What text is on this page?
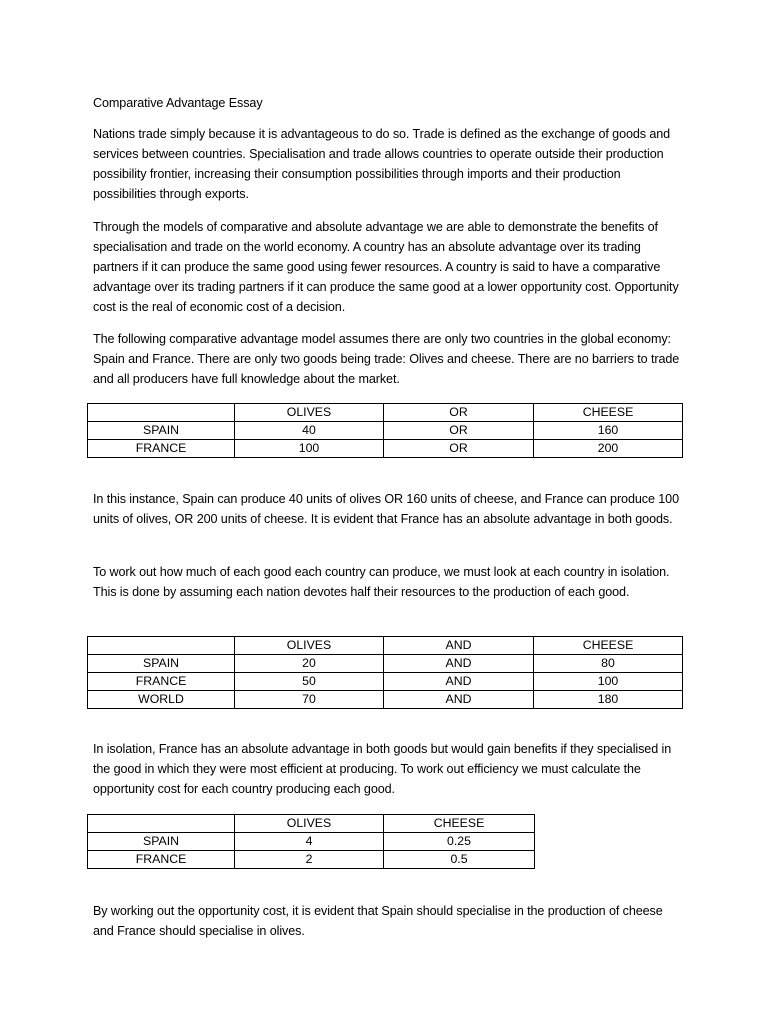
Comparative Advantage Essay

Nations trade simply because it is advantageous to do so. Trade is defined as the exchange of goods and services between countries. Specialisation and trade allows countries to operate outside their production possibility frontier, increasing their consumption possibilities through imports and their production possibilities through exports.

Through the models of comparative and absolute advantage we are able to demonstrate the benefits of specialisation and trade on the world economy. A country has an absolute advantage over its trading partners if it can produce the same good using fewer resources. A country is said to have a comparative advantage over its trading partners if it can produce the same good at a lower opportunity cost. Opportunity cost is the real of economic cost of a decision.

The following comparative advantage model assumes there are only two countries in the global economy: Spain and France. There are only two goods being trade: Olives and cheese. There are no barriers to trade and all producers have full knowledge about the market.

	OLIVES	OR	CHEESE
SPAIN	40	OR	160
FRANCE	100	OR	200

In this instance, Spain can produce 40 units of olives OR 160 units of cheese, and France can produce 100 units of olives, OR 200 units of cheese. It is evident that France has an absolute advantage in both goods.

To work out how much of each good each country can produce, we must look at each country in isolation. This is done by assuming each nation devotes half their resources to the production of each good.

	OLIVES	AND	CHEESE
SPAIN	20	AND	80
FRANCE	50	AND	100
WORLD	70	AND	180

In isolation, France has an absolute advantage in both goods but would gain benefits if they specialised in the good in which they were most efficient at producing. To work out efficiency we must calculate the opportunity cost for each country producing each good.

	OLIVES	CHEESE
SPAIN	4	0.25
FRANCE	2	0.5

By working out the opportunity cost, it is evident that Spain should specialise in the production of cheese and France should specialise in olives.
